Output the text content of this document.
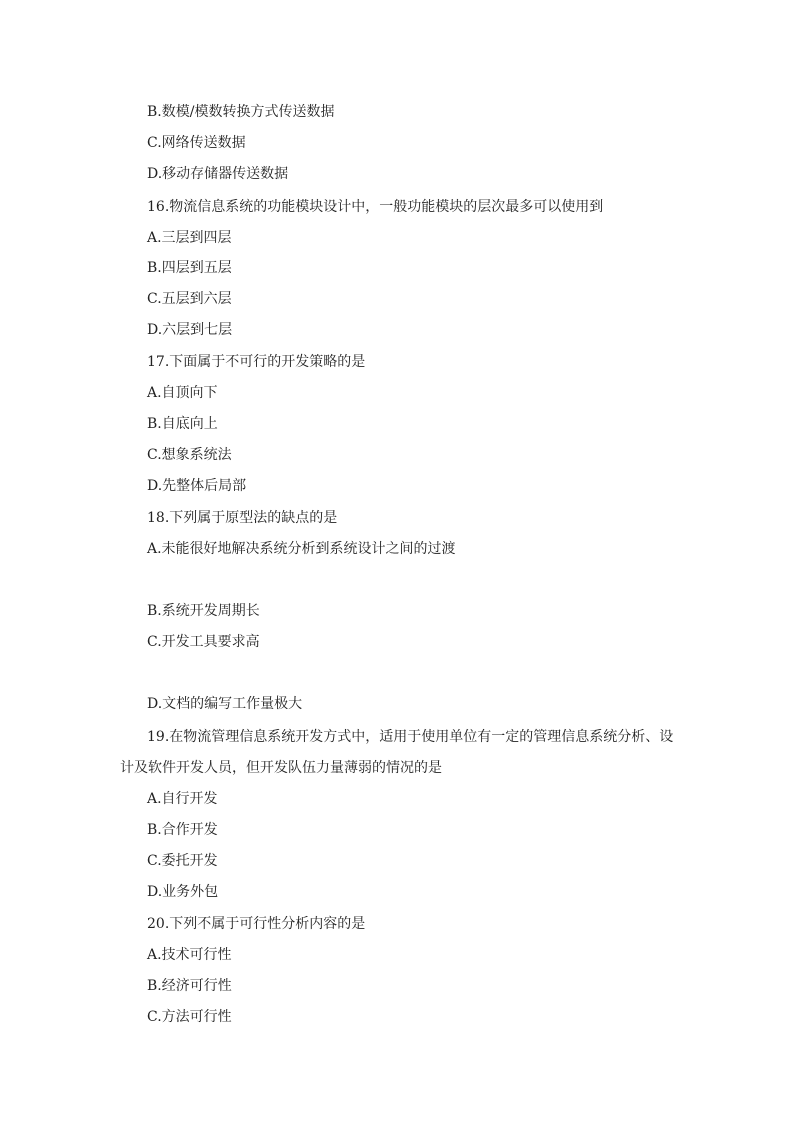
B.数模/模数转换方式传送数据
C.网络传送数据
D.移动存储器传送数据
16.物流信息系统的功能模块设计中，一般功能模块的层次最多可以使用到
A.三层到四层
B.四层到五层
C.五层到六层
D.六层到七层
17.下面属于不可行的开发策略的是
A.自顶向下
B.自底向上
C.想象系统法
D.先整体后局部
18.下列属于原型法的缺点的是
A.未能很好地解决系统分析到系统设计之间的过渡
B.系统开发周期长
C.开发工具要求高
D.文档的编写工作量极大
19.在物流管理信息系统开发方式中，适用于使用单位有一定的管理信息系统分析、设
计及软件开发人员，但开发队伍力量薄弱的情况的是
A.自行开发
B.合作开发
C.委托开发
D.业务外包
20.下列不属于可行性分析内容的是
A.技术可行性
B.经济可行性
C.方法可行性
